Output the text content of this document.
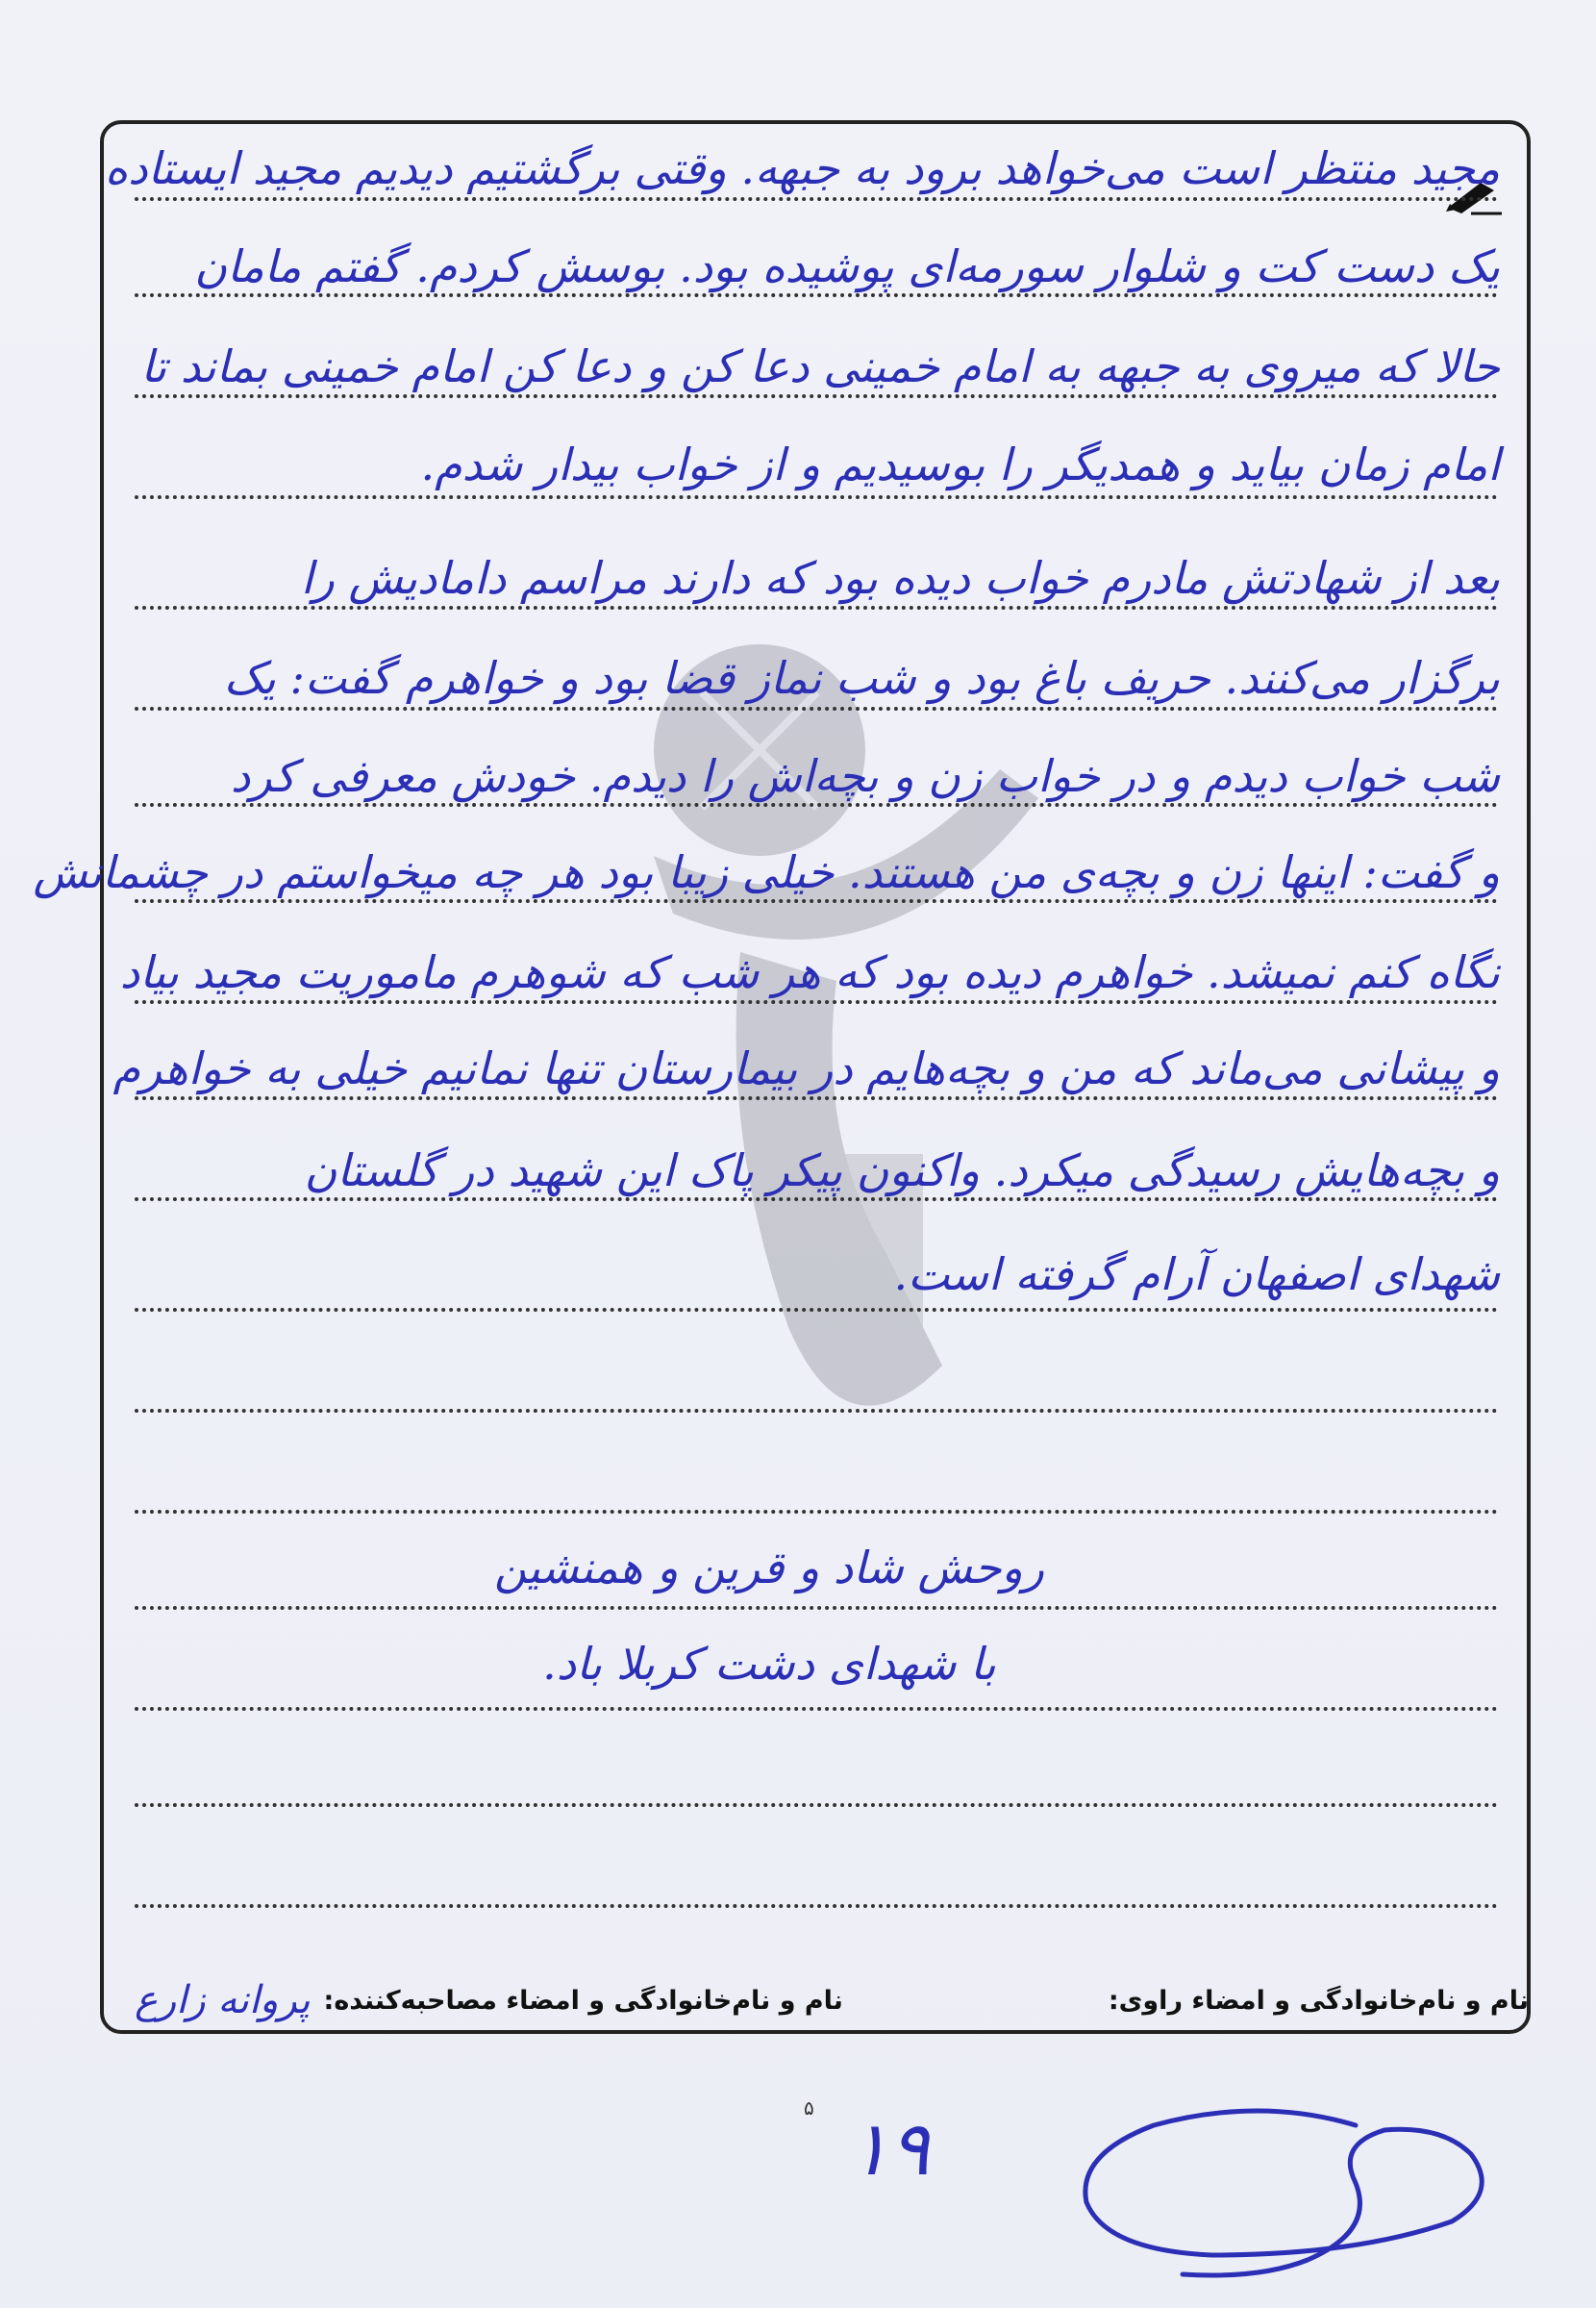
مجید منتظر است می‌خواهد برود به جبهه. وقتی برگشتیم دیدیم مجید ایستاده
یک دست کت و شلوار سورمه‌ای پوشیده بود. بوسش کردم. گفتم مامان
حالا که میروی به جبهه به امام خمینی دعا کن و دعا کن امام خمینی بماند تا
امام زمان بیاید و همدیگر را بوسیدیم و از خواب بیدار شدم.
بعد از شهادتش مادرم خواب دیده بود که دارند مراسم دامادیش را
برگزار می‌کنند. حریف باغ بود و شب نماز قضا بود و خواهرم گفت: یک
شب خواب دیدم و در خواب زن و بچه‌اش را دیدم. خودش معرفی کرد
و گفت: اینها زن و بچه‌ی من هستند. خیلی زیبا بود هر چه میخواستم در چشمانش
نگاه کنم نمیشد. خواهرم دیده بود که هر شب که شوهرم ماموریت مجید بیاد
و پیشانی می‌ماند که من و بچه‌هایم در بیمارستان تنها نمانیم خیلی به خواهرم
و بچه‌هایش رسیدگی میکرد. واکنون پیکر پاک این شهید در گلستان
شهدای اصفهان آرام گرفته است.
روحش شاد و قرین و همنشین
با شهدای دشت کربلا باد.
نام و نام‌خانوادگی و امضاء راوی:
نام و نام‌خانوادگی و امضاء مصاحبه‌کننده:
پروانه زارع
۵ ۱۹
